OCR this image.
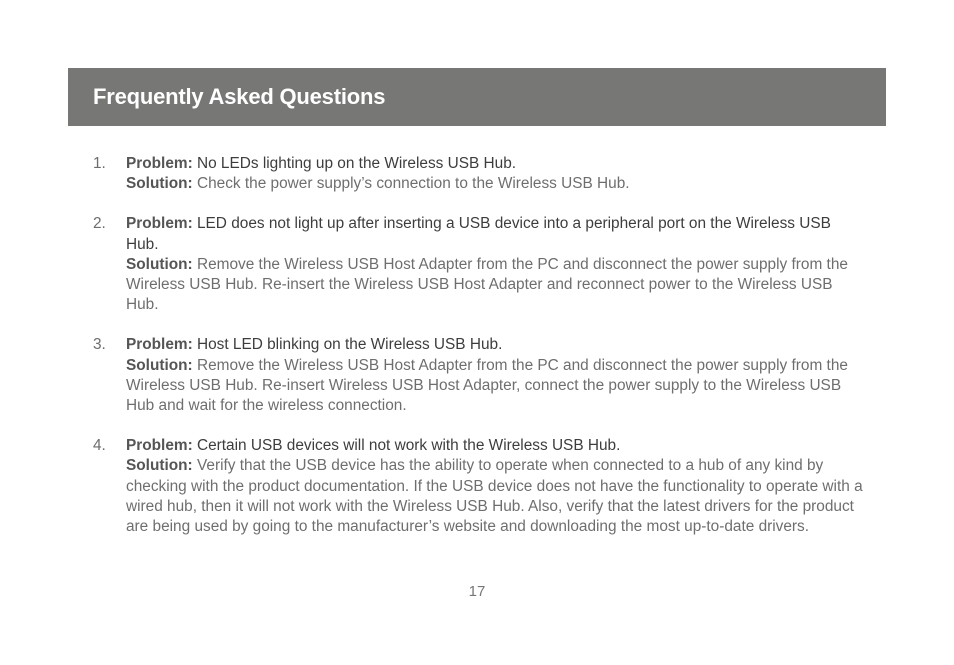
Frequently Asked Questions
1. Problem: No LEDs lighting up on the Wireless USB Hub.
Solution: Check the power supply’s connection to the Wireless USB Hub.
2. Problem: LED does not light up after inserting a USB device into a peripheral port on the Wireless USB Hub.
Solution: Remove the Wireless USB Host Adapter from the PC and disconnect the power supply from the Wireless USB Hub. Re-insert the Wireless USB Host Adapter and reconnect power to the Wireless USB Hub.
3. Problem: Host LED blinking on the Wireless USB Hub.
Solution: Remove the Wireless USB Host Adapter from the PC and disconnect the power supply from the Wireless USB Hub. Re-insert Wireless USB Host Adapter, connect the power supply to the Wireless USB Hub and wait for the wireless connection.
4. Problem: Certain USB devices will not work with the Wireless USB Hub.
Solution: Verify that the USB device has the ability to operate when connected to a hub of any kind by checking with the product documentation. If the USB device does not have the functionality to operate with a wired hub, then it will not work with the Wireless USB Hub. Also, verify that the latest drivers for the product are being used by going to the manufacturer’s website and downloading the most up-to-date drivers.
17
